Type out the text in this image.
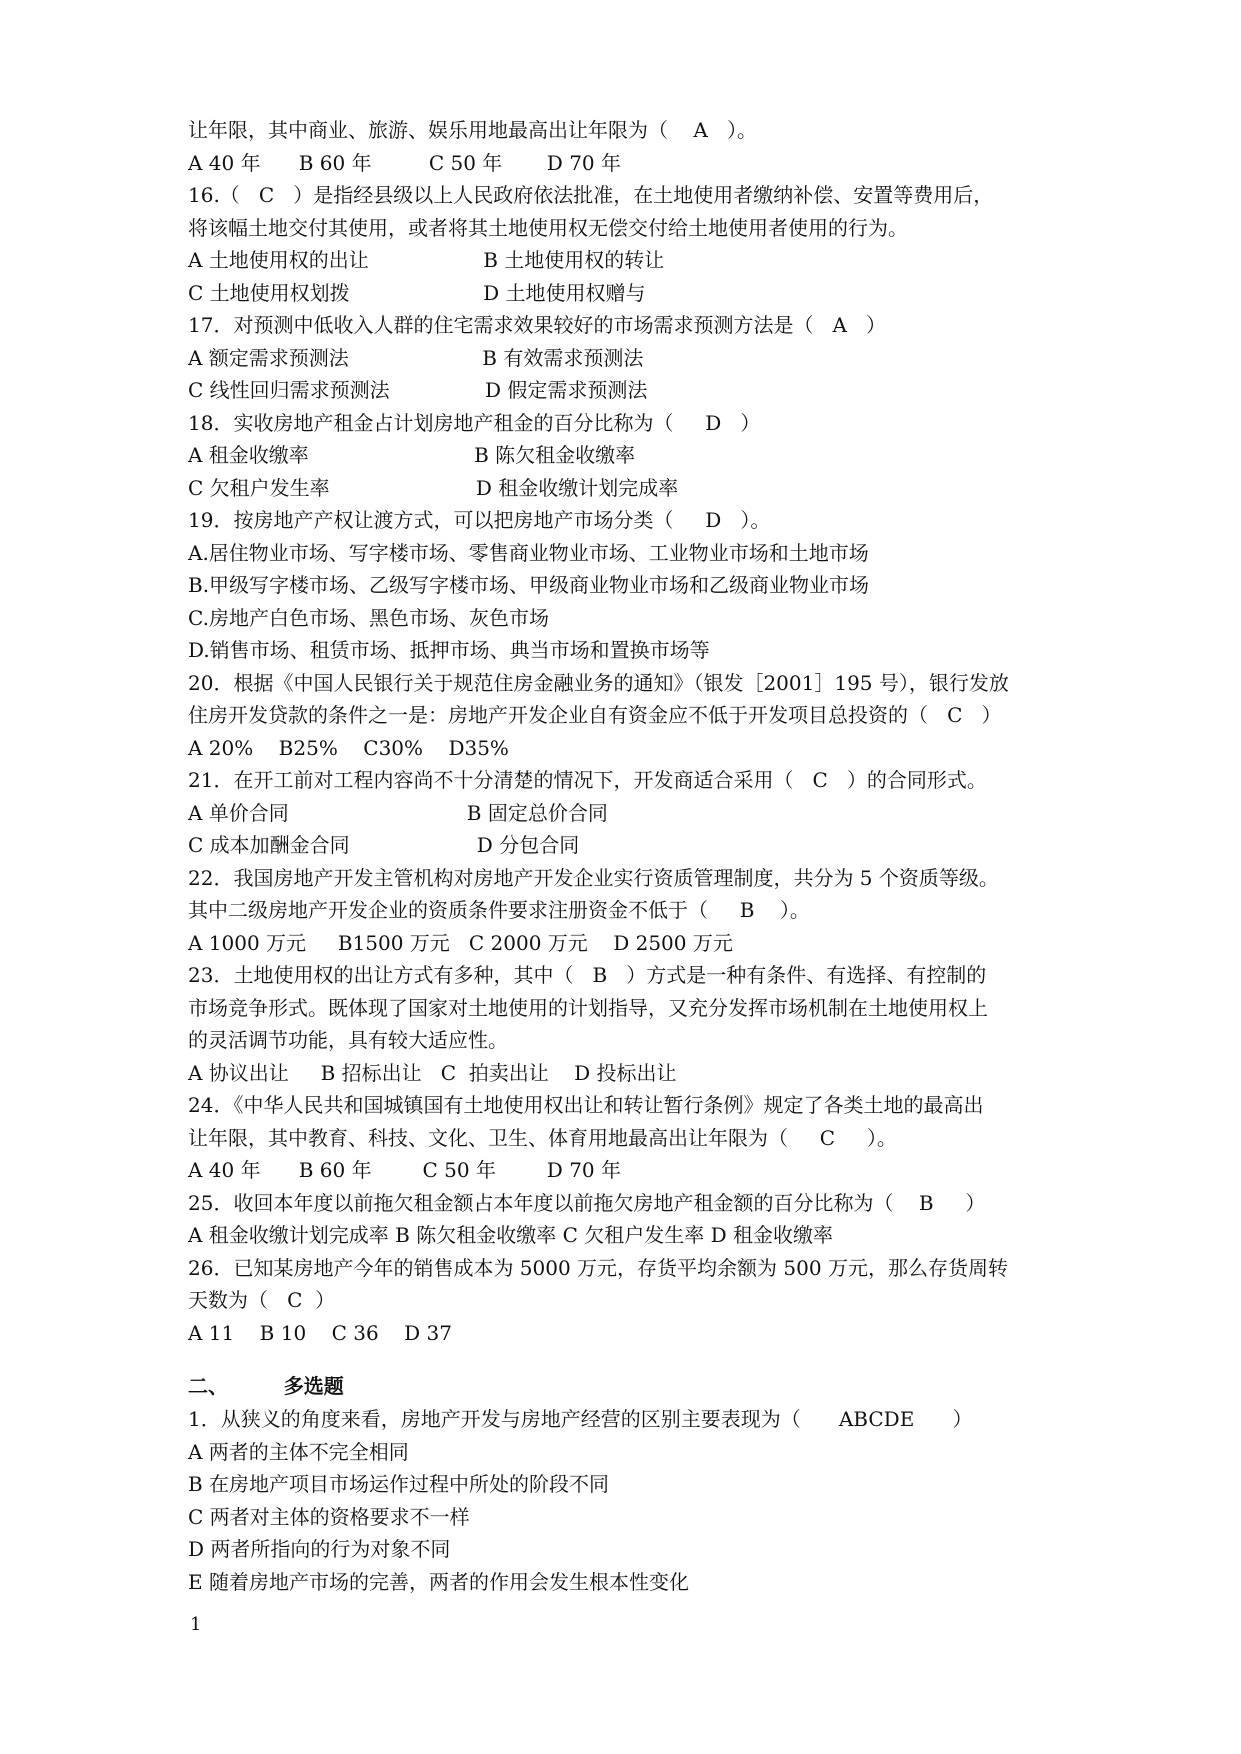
让年限，其中商业、旅游、娱乐用地最高出让年限为（    A   ）。
A 40 年      B 60 年         C 50 年       D 70 年
16.（   C   ）是指经县级以上人民政府依法批准，在土地使用者缴纳补偿、安置等费用后，
将该幅土地交付其使用，或者将其土地使用权无偿交付给土地使用者使用的行为。
A 土地使用权的出让                  B 土地使用权的转让
C 土地使用权划拨                     D 土地使用权赠与
17．对预测中低收入人群的住宅需求效果较好的市场需求预测方法是（   A   ）
A 额定需求预测法                     B 有效需求预测法
C 线性回归需求预测法               D 假定需求预测法
18．实收房地产租金占计划房地产租金的百分比称为（     D   ）
A 租金收缴率                          B 陈欠租金收缴率
C 欠租户发生率                       D 租金收缴计划完成率
19．按房地产产权让渡方式，可以把房地产市场分类（     D   ）。
A.居住物业市场、写字楼市场、零售商业物业市场、工业物业市场和土地市场
B.甲级写字楼市场、乙级写字楼市场、甲级商业物业市场和乙级商业物业市场
C.房地产白色市场、黑色市场、灰色市场
D.销售市场、租赁市场、抵押市场、典当市场和置换市场等
20．根据《中国人民银行关于规范住房金融业务的通知》（银发［2001］195 号），银行发放
住房开发贷款的条件之一是：房地产开发企业自有资金应不低于开发项目总投资的（   C   ）
A 20%    B25%    C30%    D35%
21．在开工前对工程内容尚不十分清楚的情况下，开发商适合采用（   C   ）的合同形式。
A 单价合同                            B 固定总价合同
C 成本加酬金合同                    D 分包合同
22．我国房地产开发主管机构对房地产开发企业实行资质管理制度，共分为 5 个资质等级。
其中二级房地产开发企业的资质条件要求注册资金不低于（     B    ）。
A 1000 万元     B1500 万元   C 2000 万元    D 2500 万元
23．土地使用权的出让方式有多种，其中（   B   ）方式是一种有条件、有选择、有控制的
市场竞争形式。既体现了国家对土地使用的计划指导，又充分发挥市场机制在土地使用权上
的灵活调节功能，具有较大适应性。
A 协议出让     B 招标出让   C  拍卖出让    D 投标出让
24．《中华人民共和国城镇国有土地使用权出让和转让暂行条例》规定了各类土地的最高出
让年限，其中教育、科技、文化、卫生、体育用地最高出让年限为（     C     ）。
A 40 年      B 60 年        C 50 年        D 70 年
25．收回本年度以前拖欠租金额占本年度以前拖欠房地产租金额的百分比称为（    B     ）
A 租金收缴计划完成率 B 陈欠租金收缴率 C 欠租户发生率 D 租金收缴率
26．已知某房地产今年的销售成本为 5000 万元，存货平均余额为 500 万元，那么存货周转
天数为（   C  ）
A 11    B 10    C 36    D 37
二、        多选题
1．从狭义的角度来看，房地产开发与房地产经营的区别主要表现为（      ABCDE      ）
A 两者的主体不完全相同
B 在房地产项目市场运作过程中所处的阶段不同
C 两者对主体的资格要求不一样
D 两者所指向的行为对象不同
E 随着房地产市场的完善，两者的作用会发生根本性变化
1
